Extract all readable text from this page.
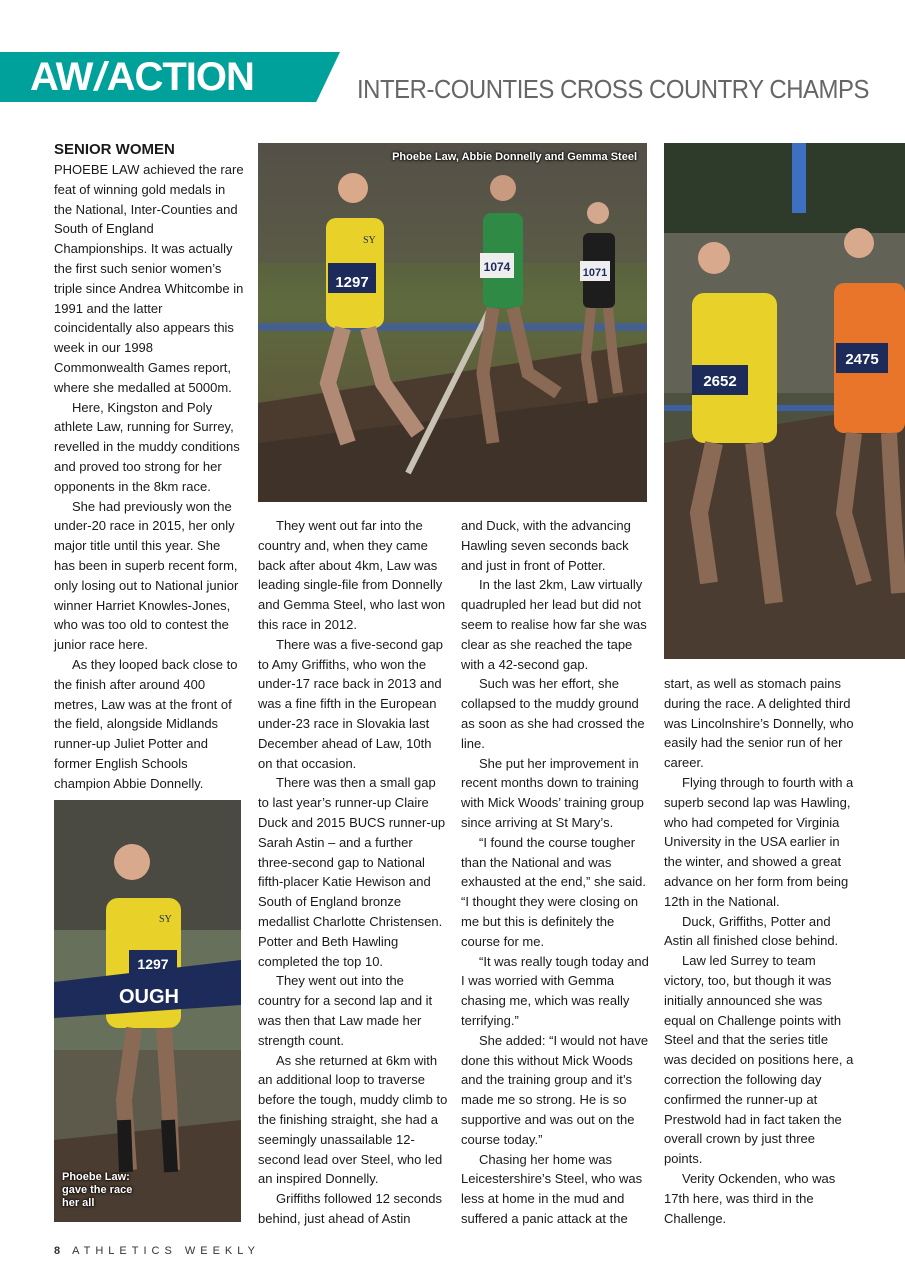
AW / ACTION	INTER-COUNTIES CROSS COUNTRY CHAMPS
SENIOR WOMEN

PHOEBE LAW achieved the rare feat of winning gold medals in the National, Inter-Counties and South of England Championships. It was actually the first such senior women’s triple since Andrea Whitcombe in 1991 and the latter coincidentally also appears this week in our 1998 Commonwealth Games report, where she medalled at 5000m.

Here, Kingston and Poly athlete Law, running for Surrey, revelled in the muddy conditions and proved too strong for her opponents in the 8km race.

She had previously won the under-20 race in 2015, her only major title until this year. She has been in superb recent form, only losing out to National junior winner Harriet Knowles-Jones, who was too old to contest the junior race here.

As they looped back close to the finish after around 400 metres, Law was at the front of the field, alongside Midlands runner-up Juliet Potter and former English Schools champion Abbie Donnelly.

1297
SY
1074	1071
Phoebe Law, Abbie Donnelly and Gemma Steel
2652
2475
SY
1297
OUGH
Phoebe Law: gave the race her all

They went out far into the country and, when they came back after about 4km, Law was leading single-file from Donnelly and Gemma Steel, who last won this race in 2012.

There was a five-second gap to Amy Griffiths, who won the under-17 race back in 2013 and was a fine fifth in the European under-23 race in Slovakia last December ahead of Law, 10th on that occasion.

There was then a small gap to last year’s runner-up Claire Duck and 2015 BUCS runner-up Sarah Astin – and a further three-second gap to National fifth-placer Katie Hewison and South of England bronze medallist Charlotte Christensen. Potter and Beth Hawling completed the top 10.

They went out into the country for a second lap and it was then that Law made her strength count.

As she returned at 6km with an additional loop to traverse before the tough, muddy climb to the finishing straight, she had a seemingly unassailable 12-second lead over Steel, who led an inspired Donnelly.

Griffiths followed 12 seconds behind, just ahead of Astin

and Duck, with the advancing Hawling seven seconds back and just in front of Potter.

In the last 2km, Law virtually quadrupled her lead but did not seem to realise how far she was clear as she reached the tape with a 42-second gap.

Such was her effort, she collapsed to the muddy ground as soon as she had crossed the line.

She put her improvement in recent months down to training with Mick Woods’ training group since arriving at St Mary’s.

“I found the course tougher than the National and was exhausted at the end,” she said. “I thought they were closing on me but this is definitely the course for me.

“It was really tough today and I was worried with Gemma chasing me, which was really terrifying.”

She added: “I would not have done this without Mick Woods and the training group and it’s made me so strong. He is so supportive and was out on the course today.”

Chasing her home was Leicestershire’s Steel, who was less at home in the mud and suffered a panic attack at the

start, as well as stomach pains during the race. A delighted third was Lincolnshire’s Donnelly, who easily had the senior run of her career.

Flying through to fourth with a superb second lap was Hawling, who had competed for Virginia University in the USA earlier in the winter, and showed a great advance on her form from being 12th in the National.

Duck, Griffiths, Potter and Astin all finished close behind.

Law led Surrey to team victory, too, but though it was initially announced she was equal on Challenge points with Steel and that the series title was decided on positions here, a correction the following day confirmed the runner-up at Prestwold had in fact taken the overall crown by just three points.

Verity Ockenden, who was 17th here, was third in the Challenge.

8 ATHLETICS WEEKLY
